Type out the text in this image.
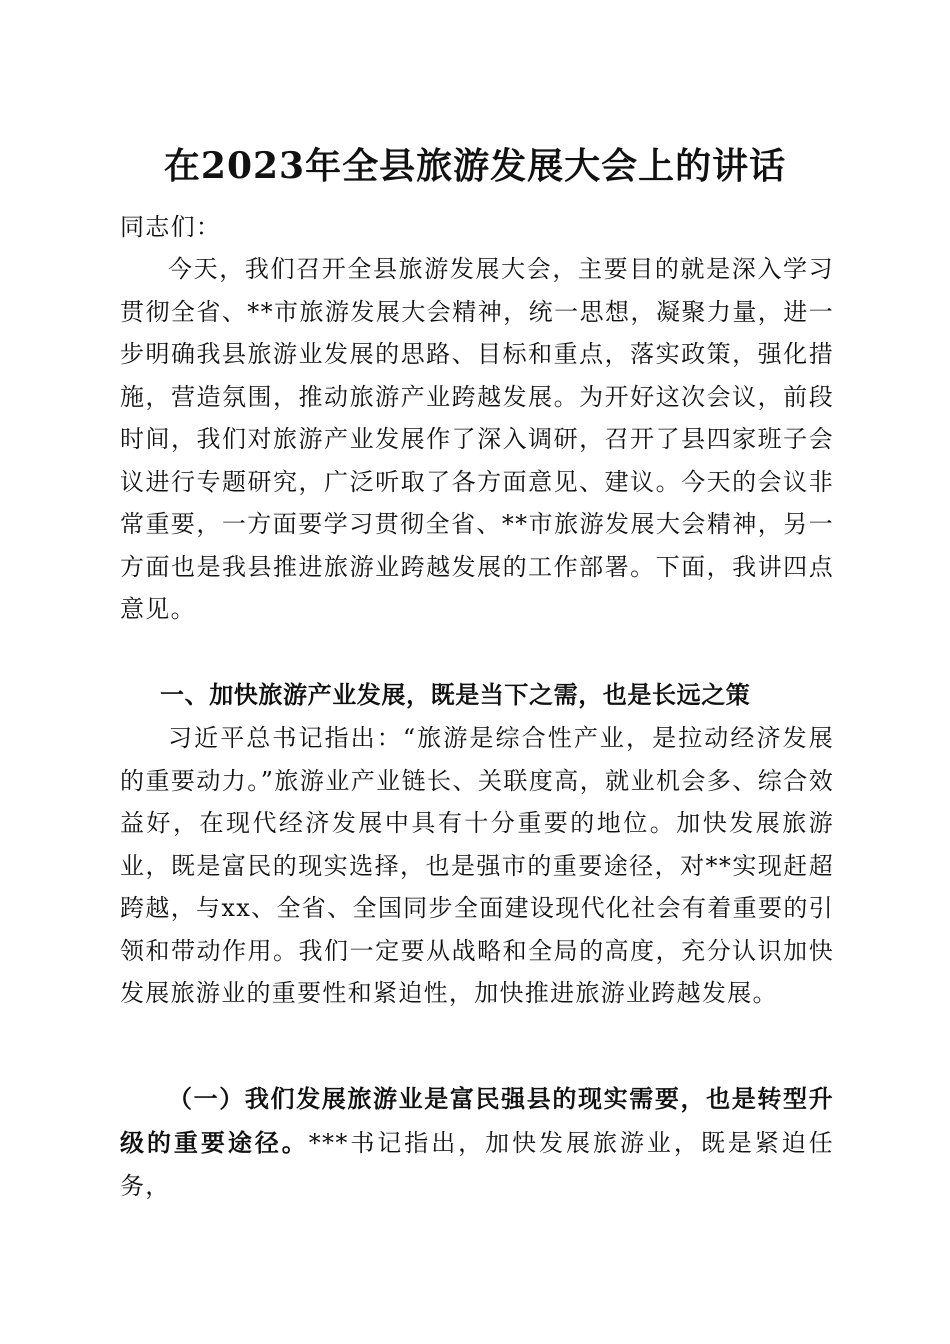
在2023年全县旅游发展大会上的讲话
同志们：
今天，我们召开全县旅游发展大会，主要目的就是深入学习贯彻全省、**市旅游发展大会精神，统一思想，凝聚力量，进一步明确我县旅游业发展的思路、目标和重点，落实政策，强化措施，营造氛围，推动旅游产业跨越发展。为开好这次会议，前段时间，我们对旅游产业发展作了深入调研，召开了县四家班子会议进行专题研究，广泛听取了各方面意见、建议。今天的会议非常重要，一方面要学习贯彻全省、**市旅游发展大会精神，另一方面也是我县推进旅游业跨越发展的工作部署。下面，我讲四点意见。
一、加快旅游产业发展，既是当下之需，也是长远之策
习近平总书记指出：“旅游是综合性产业，是拉动经济发展的重要动力。”旅游业产业链长、关联度高，就业机会多、综合效益好，在现代经济发展中具有十分重要的地位。加快发展旅游业，既是富民的现实选择，也是强市的重要途径，对**实现赶超跨越，与xx、全省、全国同步全面建设现代化社会有着重要的引领和带动作用。我们一定要从战略和全局的高度，充分认识加快发展旅游业的重要性和紧迫性，加快推进旅游业跨越发展。
（一）我们发展旅游业是富民强县的现实需要，也是转型升级的重要途径。***书记指出，加快发展旅游业，既是紧迫任务，
